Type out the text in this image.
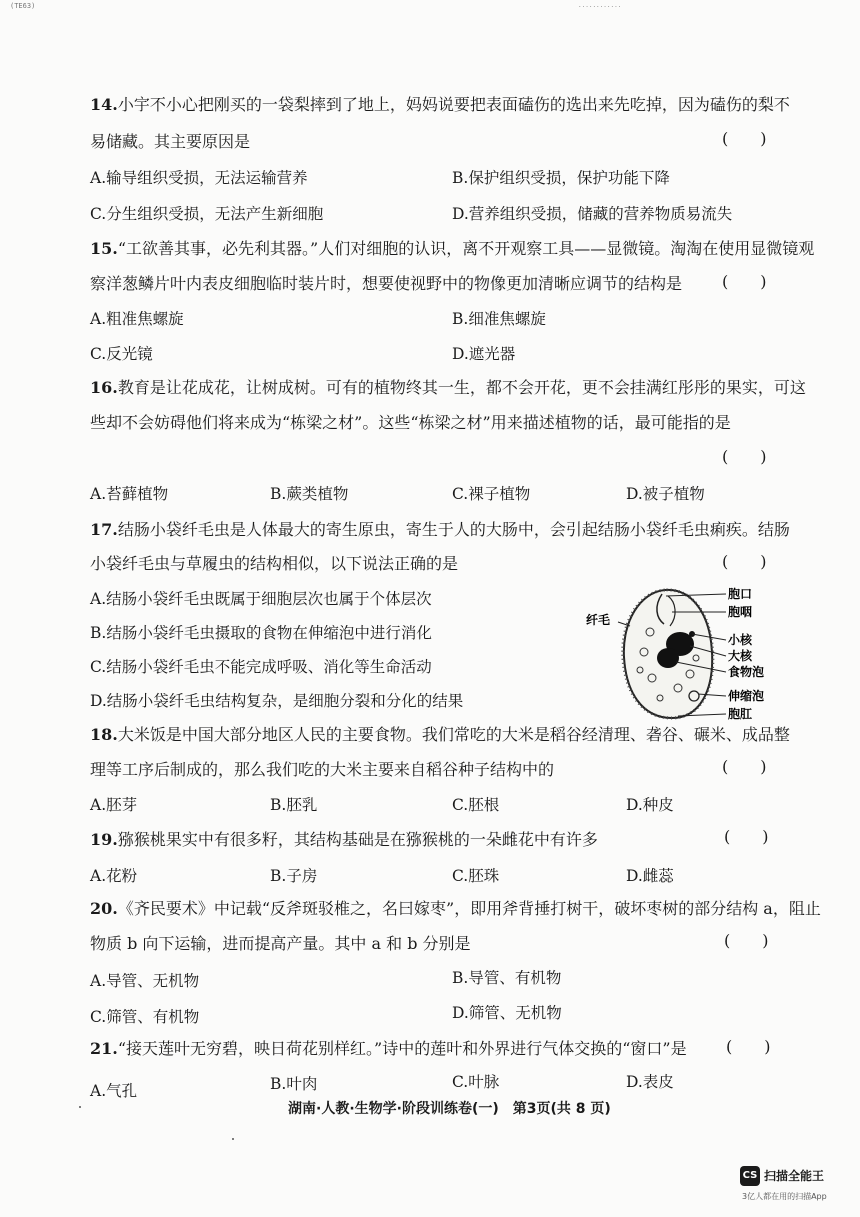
(TE63)	............
14.小宇不小心把刚买的一袋梨摔到了地上，妈妈说要把表面磕伤的选出来先吃掉，因为磕伤的梨不
易储藏。其主要原因是	(　　)
A.输导组织受损，无法运输营养	B.保护组织受损，保护功能下降
C.分生组织受损，无法产生新细胞	D.营养组织受损，储藏的营养物质易流失
15.“工欲善其事，必先利其器。”人们对细胞的认识，离不开观察工具——显微镜。淘淘在使用显微镜观
察洋葱鳞片叶内表皮细胞临时装片时，想要使视野中的物像更加清晰应调节的结构是 (　　)
A.粗准焦螺旋	B.细准焦螺旋
C.反光镜	D.遮光器
16.教育是让花成花，让树成树。可有的植物终其一生，都不会开花，更不会挂满红彤彤的果实，可这
些却不会妨碍他们将来成为“栋梁之材”。这些“栋梁之材”用来描述植物的话，最可能指的是
(　　)
A.苔藓植物	B.蕨类植物	C.裸子植物	D.被子植物
17.结肠小袋纤毛虫是人体最大的寄生原虫，寄生于人的大肠中，会引起结肠小袋纤毛虫痢疾。结肠
小袋纤毛虫与草履虫的结构相似，以下说法正确的是	(　　)
A.结肠小袋纤毛虫既属于细胞层次也属于个体层次
B.结肠小袋纤毛虫摄取的食物在伸缩泡中进行消化
C.结肠小袋纤毛虫不能完成呼吸、消化等生命活动
D.结肠小袋纤毛虫结构复杂，是细胞分裂和分化的结果
胞口
胞咽
小核
大核
食物泡
伸缩泡
胞肛
纤毛
18.大米饭是中国大部分地区人民的主要食物。我们常吃的大米是稻谷经清理、砻谷、碾米、成品整
理等工序后制成的，那么我们吃的大米主要来自稻谷种子结构中的	(　　)
A.胚芽	B.胚乳	C.胚根	D.种皮
19.猕猴桃果实中有很多籽，其结构基础是在猕猴桃的一朵雌花中有许多	(　　)
A.花粉	B.子房	C.胚珠	D.雌蕊
20.《齐民要术》中记载“反斧斑驳椎之，名曰嫁枣”，即用斧背捶打树干，破坏枣树的部分结构 a，阻止
物质 b 向下运输，进而提高产量。其中 a 和 b 分别是	(　　)
A.导管、无机物	B.导管、有机物
C.筛管、有机物	D.筛管、无机物
21.“接天莲叶无穷碧，映日荷花别样红。”诗中的莲叶和外界进行气体交换的“窗口”是 (　　)
A.气孔	B.叶肉	C.叶脉	D.表皮
湖南·人教·生物学·阶段训练卷(一)　第3页(共 8 页)
CS 扫描全能王
3亿人都在用的扫描App
